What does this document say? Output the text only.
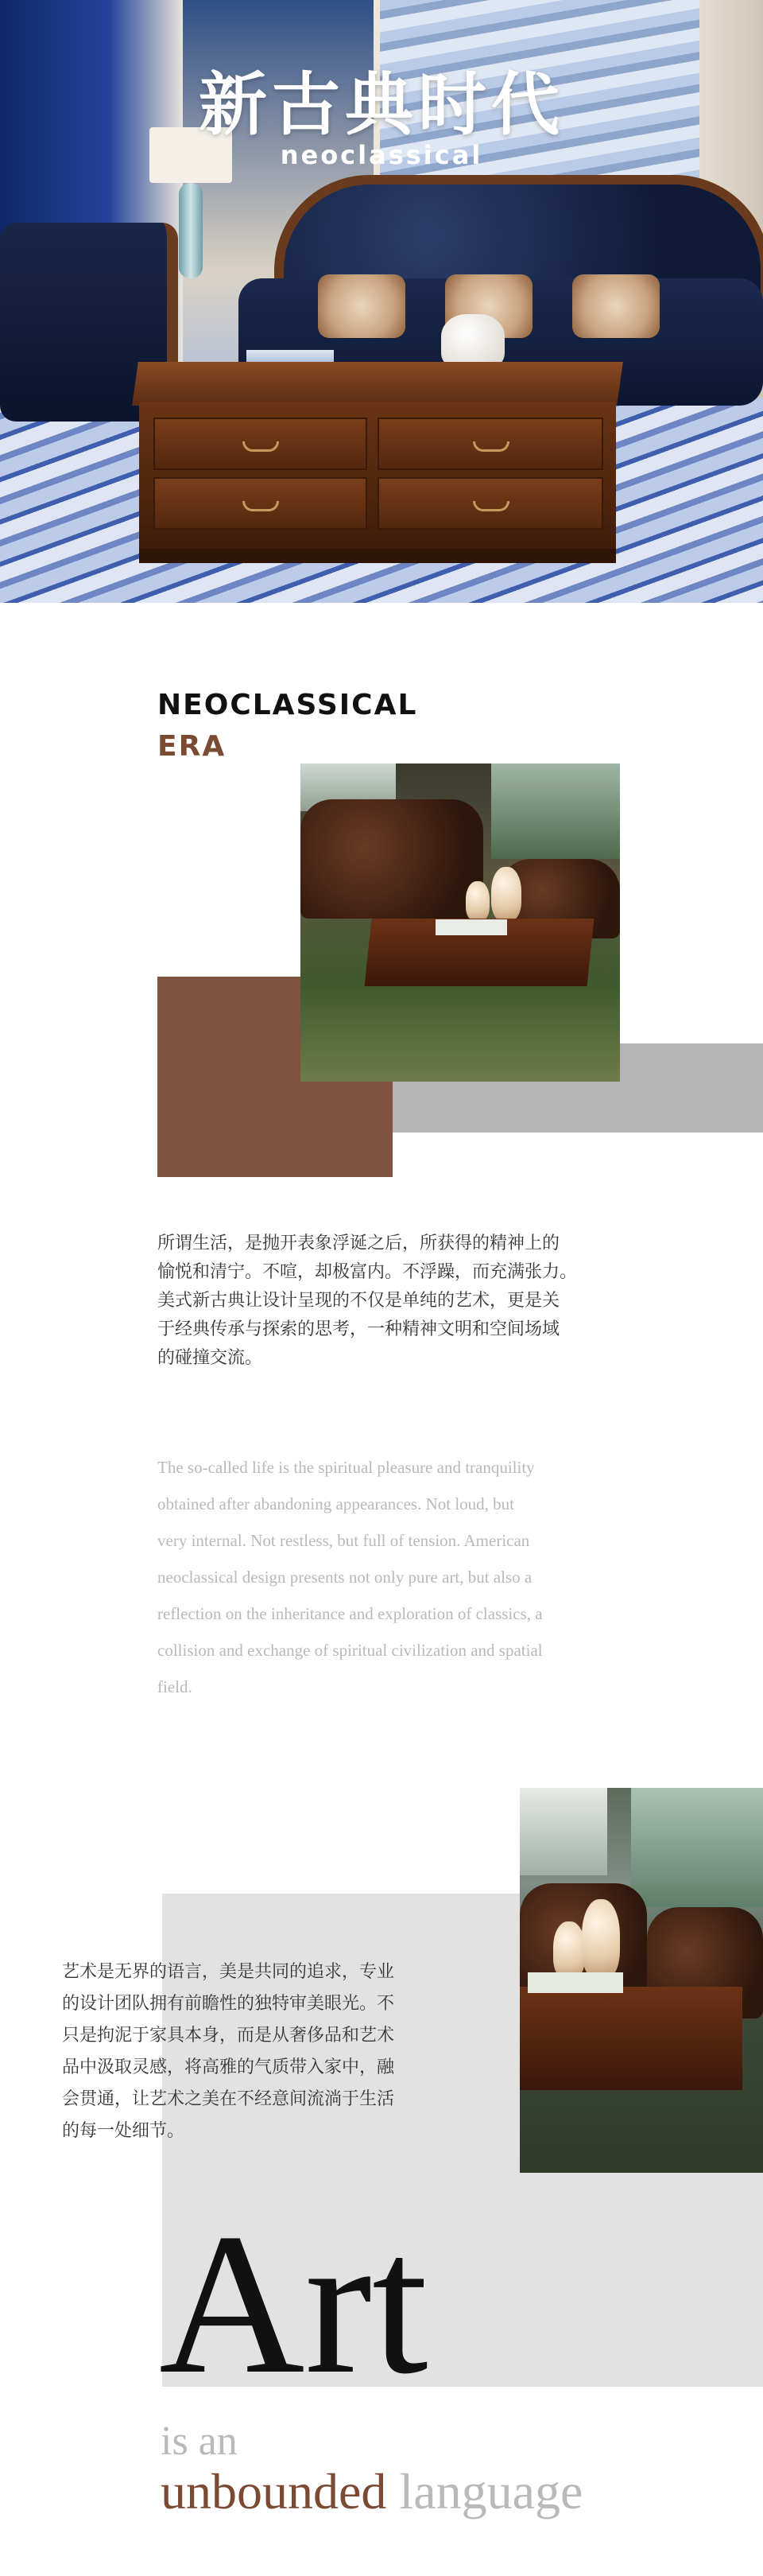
新古典时代
neoclassical
NEOCLASSICAL
ERA
所谓生活，是抛开表象浮诞之后，所获得的精神上的
愉悦和清宁。不喧，却极富内。不浮躁，而充满张力。
美式新古典让设计呈现的不仅是单纯的艺术，更是关
于经典传承与探索的思考，一种精神文明和空间场域
的碰撞交流。
The so-called life is the spiritual pleasure and tranquility
obtained after abandoning appearances. Not loud, but
very internal. Not restless, but full of tension. American
neoclassical design presents not only pure art, but also a
reflection on the inheritance and exploration of classics, a
collision and exchange of spiritual civilization and spatial
field.
艺术是无界的语言，美是共同的追求，专业
的设计团队拥有前瞻性的独特审美眼光。不
只是拘泥于家具本身，而是从奢侈品和艺术
品中汲取灵感，将高雅的气质带入家中，融
会贯通，让艺术之美在不经意间流淌于生活
的每一处细节。
Art
is an
unbounded language
